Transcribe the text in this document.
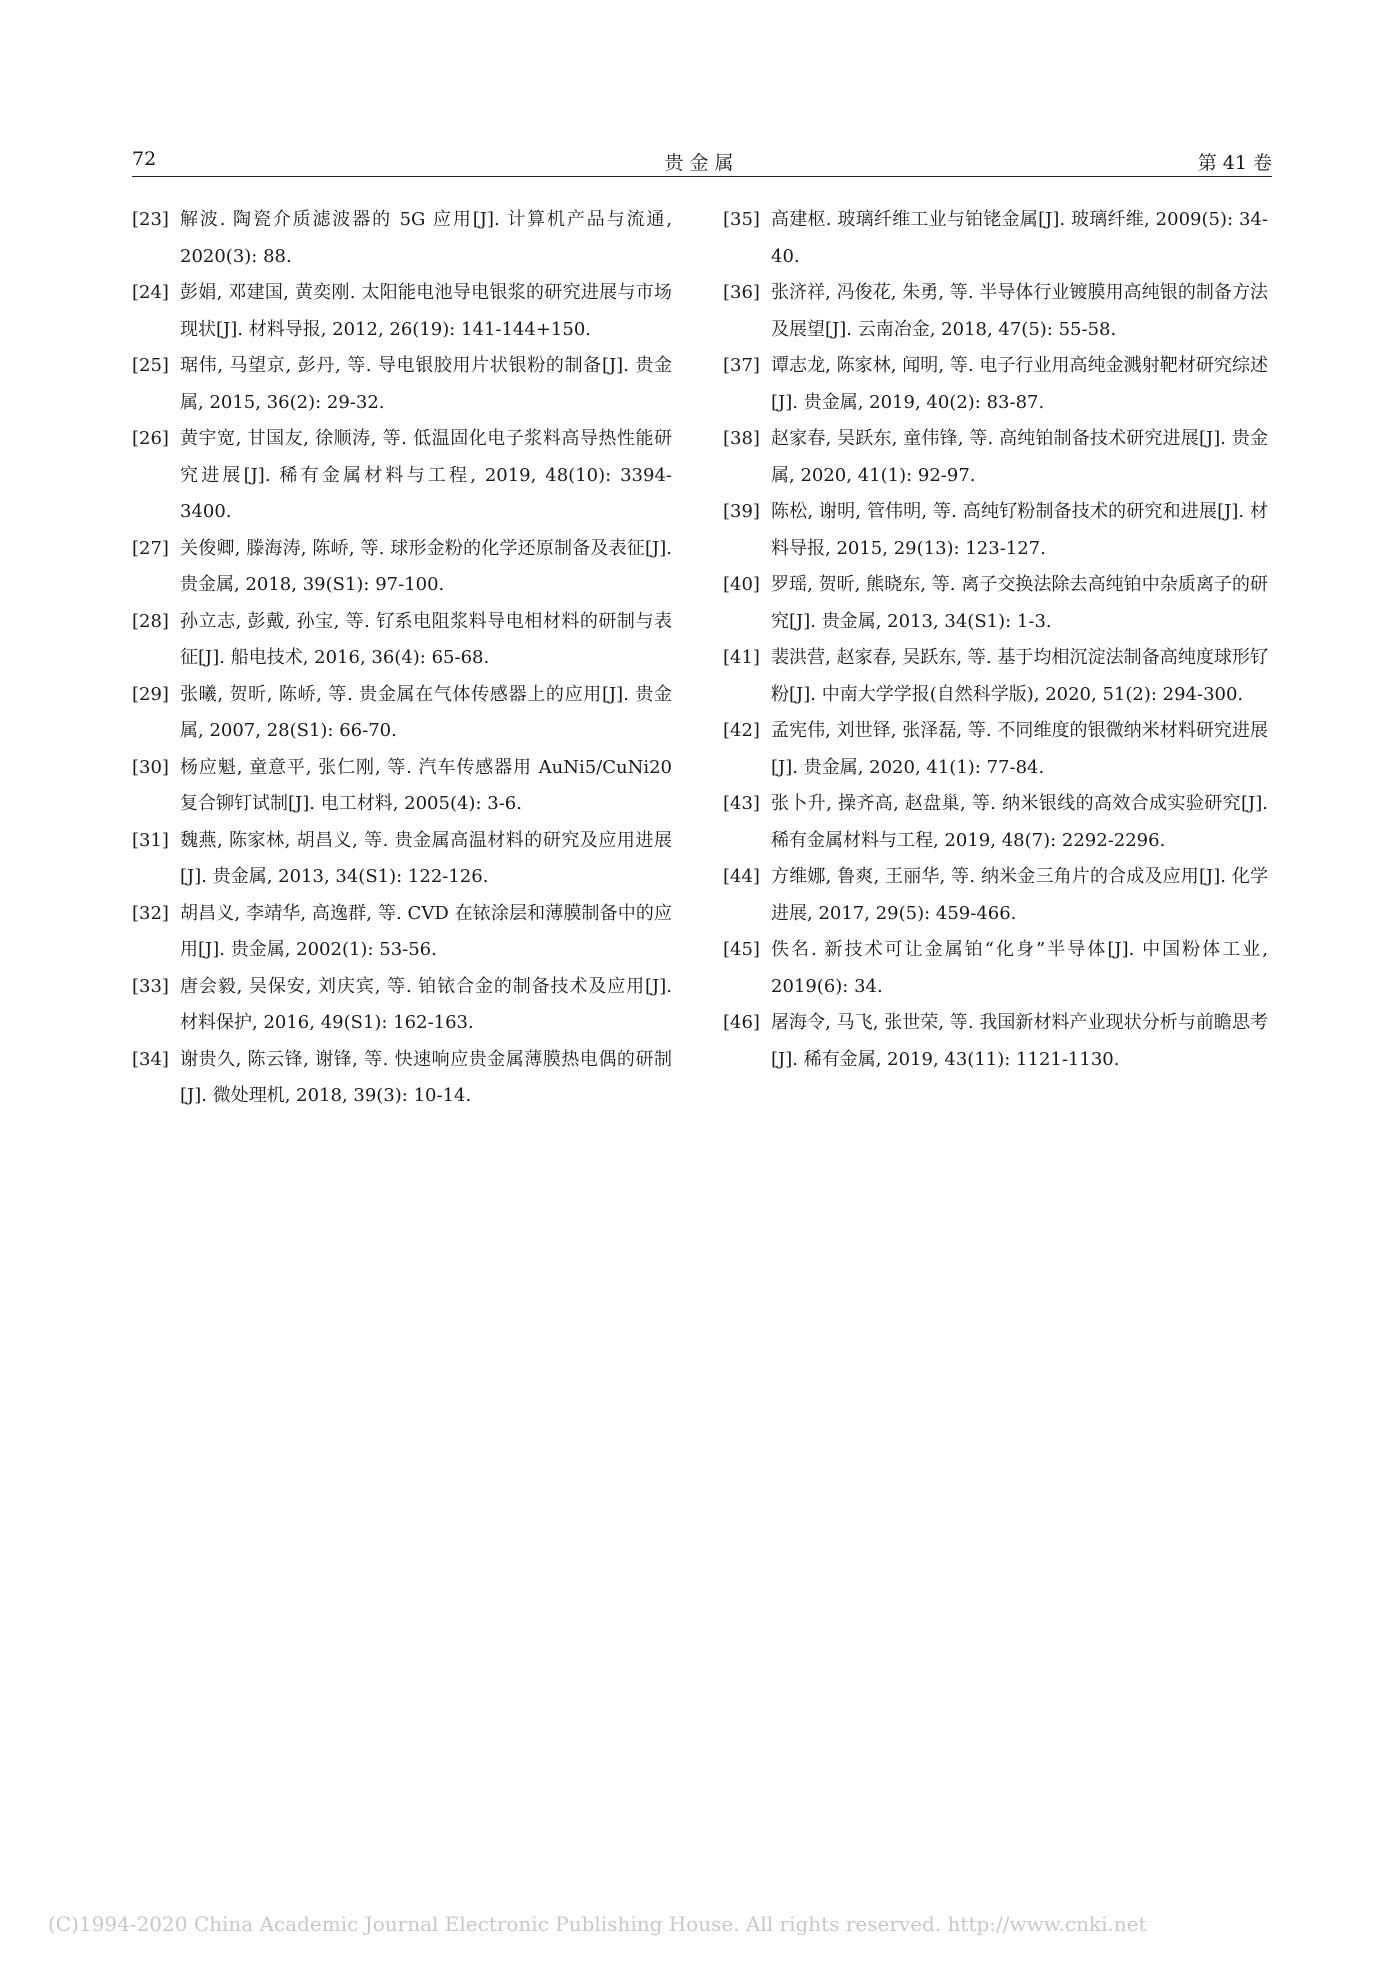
72	贵金属	第 41 卷
[23] 解波. 陶瓷介质滤波器的 5G 应用[J]. 计算机产品与流通, 2020(3): 88.
[24] 彭娟, 邓建国, 黄奕刚. 太阳能电池导电银浆的研究进展与市场现状[J]. 材料导报, 2012, 26(19): 141-144+150.
[25] 琚伟, 马望京, 彭丹, 等. 导电银胶用片状银粉的制备[J]. 贵金属, 2015, 36(2): 29-32.
[26] 黄宇宽, 甘国友, 徐顺涛, 等. 低温固化电子浆料高导热性能研究进展[J]. 稀有金属材料与工程, 2019, 48(10): 3394-3400.
[27] 关俊卿, 滕海涛, 陈峤, 等. 球形金粉的化学还原制备及表征[J]. 贵金属, 2018, 39(S1): 97-100.
[28] 孙立志, 彭戴, 孙宝, 等. 钌系电阻浆料导电相材料的研制与表征[J]. 船电技术, 2016, 36(4): 65-68.
[29] 张曦, 贺昕, 陈峤, 等. 贵金属在气体传感器上的应用[J]. 贵金属, 2007, 28(S1): 66-70.
[30] 杨应魁, 童意平, 张仁刚, 等. 汽车传感器用 AuNi5/CuNi20 复合铆钉试制[J]. 电工材料, 2005(4): 3-6.
[31] 魏燕, 陈家林, 胡昌义, 等. 贵金属高温材料的研究及应用进展[J]. 贵金属, 2013, 34(S1): 122-126.
[32] 胡昌义, 李靖华, 高逸群, 等. CVD 在铱涂层和薄膜制备中的应用[J]. 贵金属, 2002(1): 53-56.
[33] 唐会毅, 吴保安, 刘庆宾, 等. 铂铱合金的制备技术及应用[J]. 材料保护, 2016, 49(S1): 162-163.
[34] 谢贵久, 陈云锋, 谢锋, 等. 快速响应贵金属薄膜热电偶的研制[J]. 微处理机, 2018, 39(3): 10-14.
[35] 高建枢. 玻璃纤维工业与铂铑金属[J]. 玻璃纤维, 2009(5): 34-40.
[36] 张济祥, 冯俊花, 朱勇, 等. 半导体行业镀膜用高纯银的制备方法及展望[J]. 云南冶金, 2018, 47(5): 55-58.
[37] 谭志龙, 陈家林, 闻明, 等. 电子行业用高纯金溅射靶材研究综述[J]. 贵金属, 2019, 40(2): 83-87.
[38] 赵家春, 吴跃东, 童伟锋, 等. 高纯铂制备技术研究进展[J]. 贵金属, 2020, 41(1): 92-97.
[39] 陈松, 谢明, 管伟明, 等. 高纯钌粉制备技术的研究和进展[J]. 材料导报, 2015, 29(13): 123-127.
[40] 罗瑶, 贺昕, 熊晓东, 等. 离子交换法除去高纯铂中杂质离子的研究[J]. 贵金属, 2013, 34(S1): 1-3.
[41] 裴洪营, 赵家春, 吴跃东, 等. 基于均相沉淀法制备高纯度球形钌粉[J]. 中南大学学报(自然科学版), 2020, 51(2): 294-300.
[42] 孟宪伟, 刘世铎, 张泽磊, 等. 不同维度的银微纳米材料研究进展[J]. 贵金属, 2020, 41(1): 77-84.
[43] 张卜升, 操齐高, 赵盘巢, 等. 纳米银线的高效合成实验研究[J]. 稀有金属材料与工程, 2019, 48(7): 2292-2296.
[44] 方维娜, 鲁爽, 王丽华, 等. 纳米金三角片的合成及应用[J]. 化学进展, 2017, 29(5): 459-466.
[45] 佚名. 新技术可让金属铂“化身”半导体[J]. 中国粉体工业, 2019(6): 34.
[46] 屠海令, 马飞, 张世荣, 等. 我国新材料产业现状分析与前瞻思考[J]. 稀有金属, 2019, 43(11): 1121-1130.
(C)1994-2020 China Academic Journal Electronic Publishing House. All rights reserved. http://www.cnki.net
